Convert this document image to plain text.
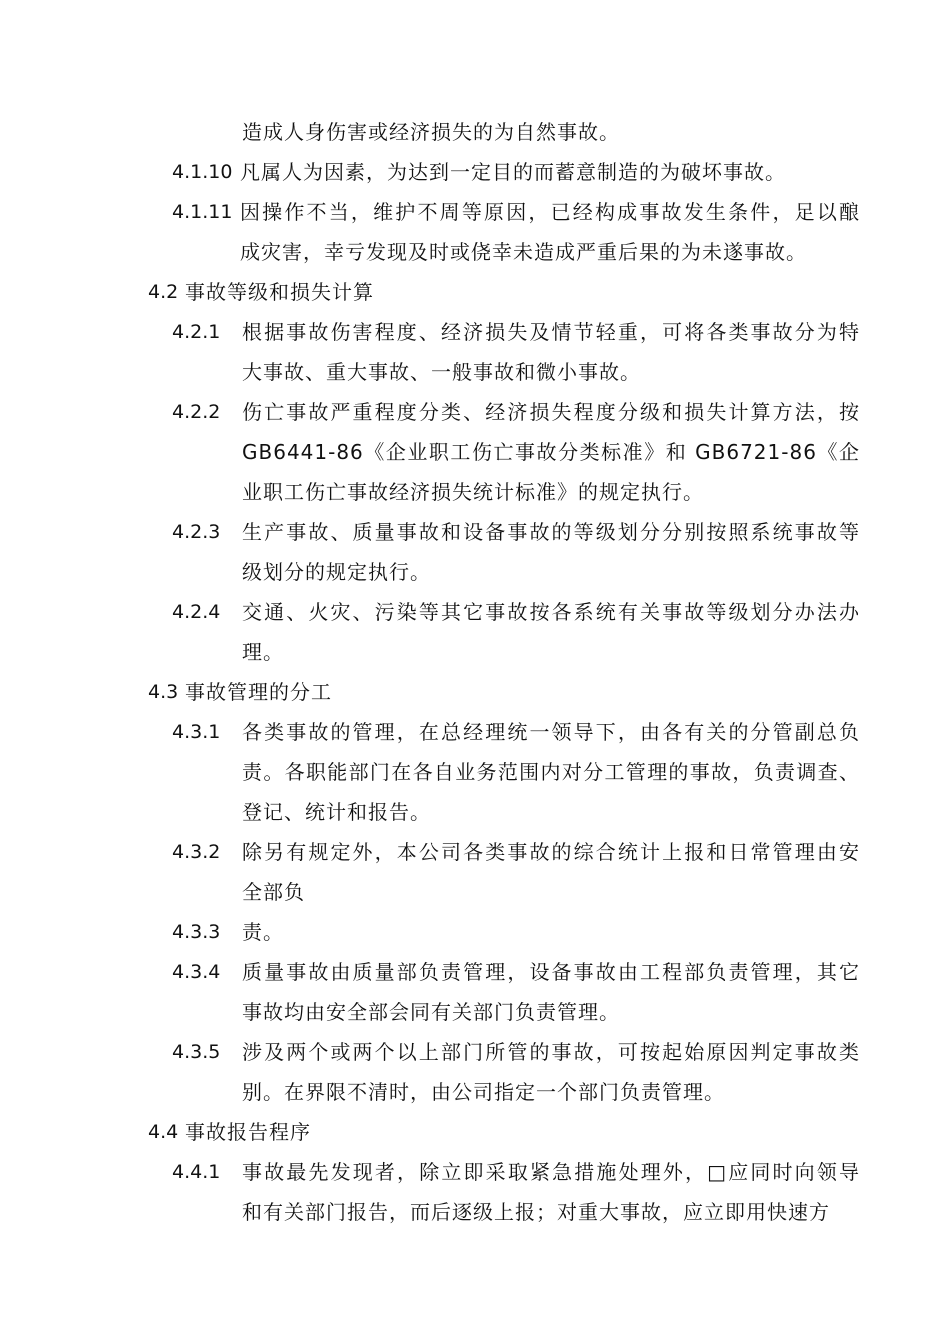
造成人身伤害或经济损失的为自然事故。
4.1.10 凡属人为因素，为达到一定目的而蓄意制造的为破坏事故。
4.1.11 因操作不当，维护不周等原因，已经构成事故发生条件，足以酿
成灾害，幸亏发现及时或侥幸未造成严重后果的为未遂事故。
4.2 事故等级和损失计算
4.2.1 根据事故伤害程度、经济损失及情节轻重，可将各类事故分为特
大事故、重大事故、一般事故和微小事故。
4.2.2 伤亡事故严重程度分类、经济损失程度分级和损失计算方法，按
GB6441-86《企业职工伤亡事故分类标准》和 GB6721-86《企
业职工伤亡事故经济损失统计标准》的规定执行。
4.2.3 生产事故、质量事故和设备事故的等级划分分别按照系统事故等
级划分的规定执行。
4.2.4 交通、火灾、污染等其它事故按各系统有关事故等级划分办法办
理。
4.3 事故管理的分工
4.3.1 各类事故的管理，在总经理统一领导下，由各有关的分管副总负
责。各职能部门在各自业务范围内对分工管理的事故，负责调查、
登记、统计和报告。
4.3.2 除另有规定外，本公司各类事故的综合统计上报和日常管理由安
全部负
4.3.3 责。
4.3.4 质量事故由质量部负责管理，设备事故由工程部负责管理，其它
事故均由安全部会同有关部门负责管理。
4.3.5 涉及两个或两个以上部门所管的事故，可按起始原因判定事故类
别。在界限不清时，由公司指定一个部门负责管理。
4.4 事故报告程序
4.4.1 事故最先发现者，除立即采取紧急措施处理外，□应同时向领导
和有关部门报告，而后逐级上报；对重大事故，应立即用快速方
